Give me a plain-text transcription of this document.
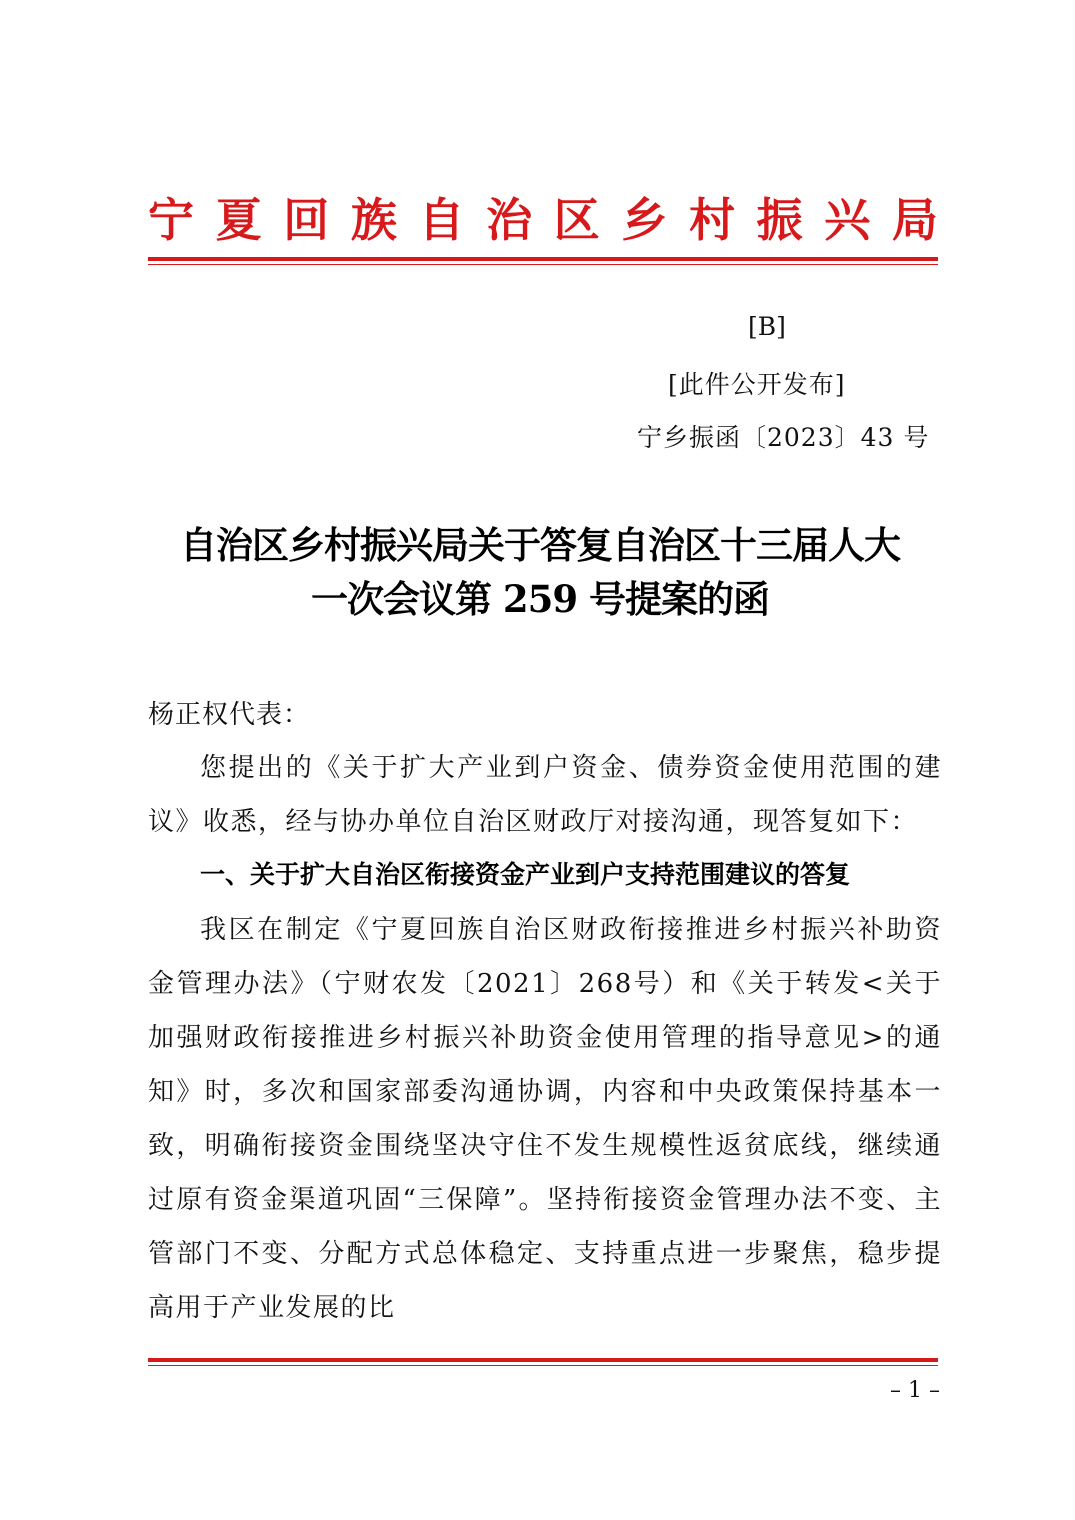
宁 夏 回 族 自 治 区 乡 村 振 兴 局
[B]
[此件公开发布]
宁乡振函〔2023〕43 号
自治区乡村振兴局关于答复自治区十三届人大
一次会议第 259 号提案的函
杨正权代表：
您提出的《关于扩大产业到户资金、债券资金使用范围的建议》收悉，经与协办单位自治区财政厅对接沟通，现答复如下：
一、关于扩大自治区衔接资金产业到户支持范围建议的答复
我区在制定《宁夏回族自治区财政衔接推进乡村振兴补助资金管理办法》（宁财农发〔2021〕268号）和《关于转发<关于加强财政衔接推进乡村振兴补助资金使用管理的指导意见>的通知》时，多次和国家部委沟通协调，内容和中央政策保持基本一致，明确衔接资金围绕坚决守住不发生规模性返贫底线，继续通过原有资金渠道巩固“三保障”。坚持衔接资金管理办法不变、主管部门不变、分配方式总体稳定、支持重点进一步聚焦，稳步提高用于产业发展的比
– 1 –
